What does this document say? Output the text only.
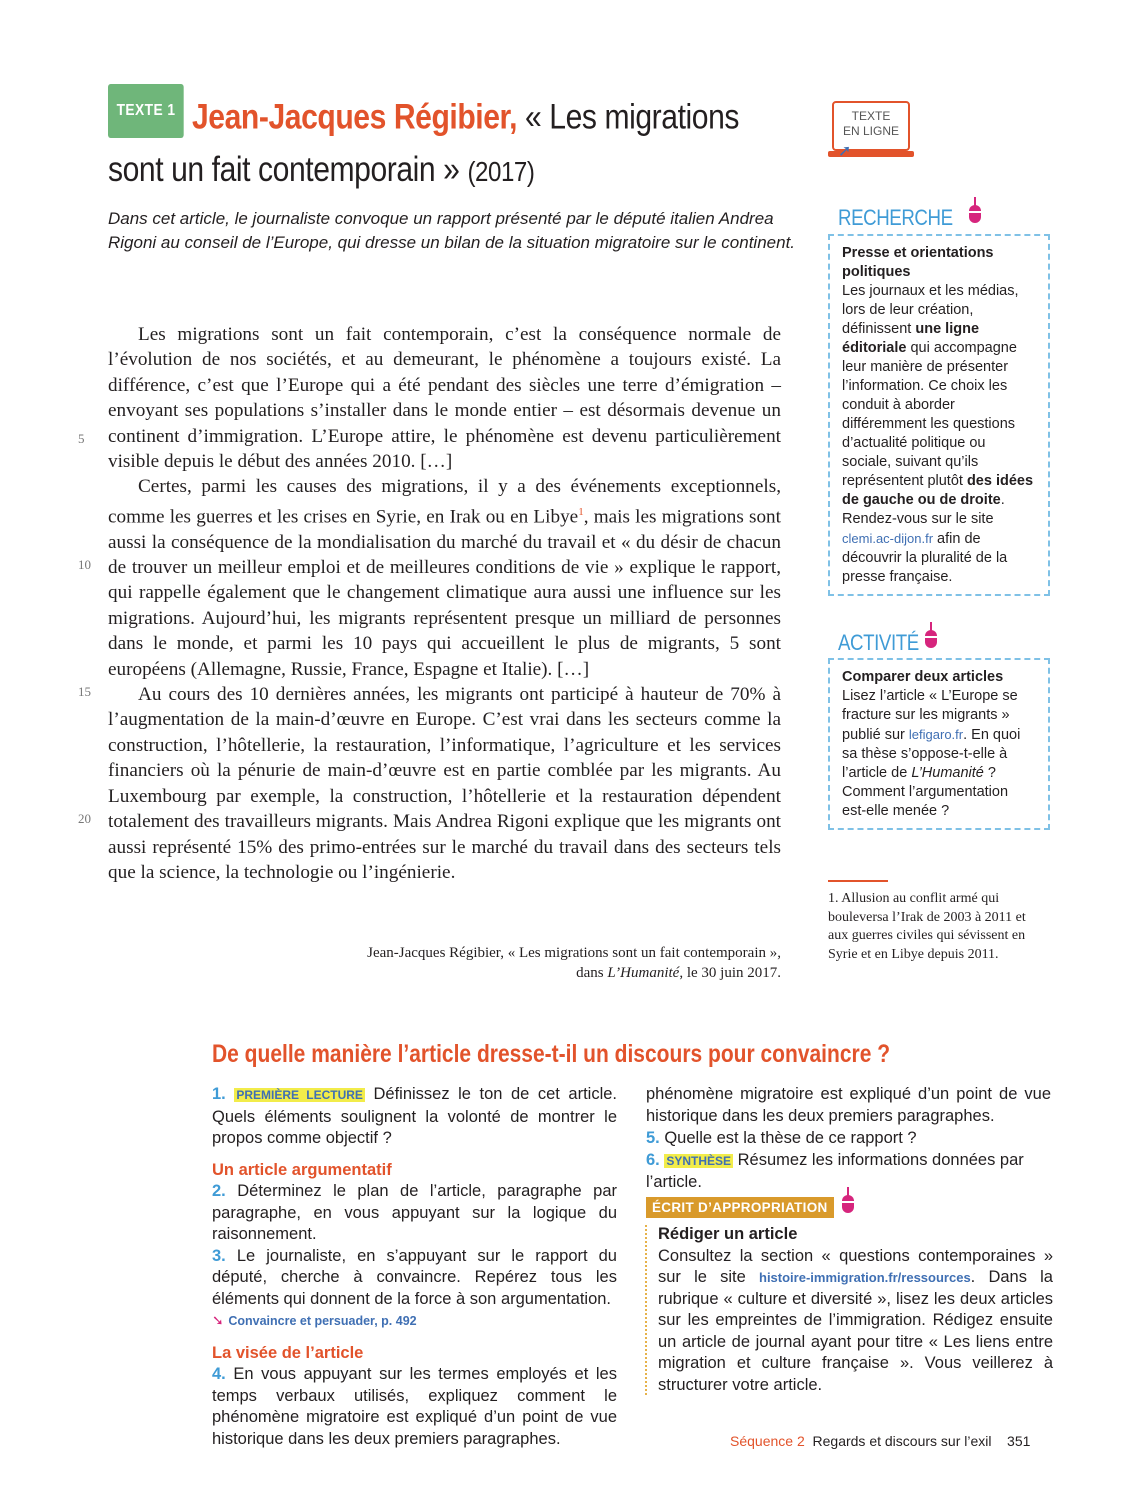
TEXTE 1 Jean-Jacques Régibier, « Les migrations
sont un fait contemporain » (2017)
TEXTE
EN LIGNE
➚
Dans cet article, le journaliste convoque un rapport présenté par le député italien Andrea Rigoni au conseil de l’Europe, qui dresse un bilan de la situation migratoire sur le continent.

Les migrations sont un fait contemporain, c’est la conséquence normale de l’évolution de nos sociétés, et au demeurant, le phénomène a toujours existé. La différence, c’est que l’Europe qui a été pendant des siècles une terre d’émigration – envoyant ses populations s’installer dans le monde entier – est désormais devenue un continent d’immigration. L’Europe attire, le phénomène est devenu particulièrement visible depuis le début des années 2010. […]

Certes, parmi les causes des migrations, il y a des événements exceptionnels, comme les guerres et les crises en Syrie, en Irak ou en Libye$^1$, mais les migrations sont aussi la conséquence de la mondialisation du marché du travail et « du désir de chacun de trouver un meilleur emploi et de meilleures conditions de vie » explique le rapport, qui rappelle également que le changement climatique aura aussi une influence sur les migrations. Aujourd’hui, les migrants représentent presque un milliard de personnes dans le monde, et parmi les 10 pays qui accueillent le plus de migrants, 5 sont européens (Allemagne, Russie, France, Espagne et Italie). […]

Au cours des 10 dernières années, les migrants ont participé à hauteur de 70% à l’augmentation de la main-d’œuvre en Europe. C’est vrai dans les secteurs comme la construction, l’hôtellerie, la restauration, l’informatique, l’agriculture et les services financiers où la pénurie de main-d’œuvre est en partie comblée par les migrants. Au Luxembourg par exemple, la construction, l’hôtellerie et la restauration dépendent totalement des travailleurs migrants. Mais Andrea Rigoni explique que les migrants ont aussi représenté 15% des primo-entrées sur le marché du travail dans des secteurs tels que la science, la technologie ou l’ingénierie.

5
10
15
20
Jean-Jacques Régibier, « Les migrations sont un fait contemporain »,
dans L’Humanité, le 30 juin 2017.
RECHERCHE
Presse et orientations politiques
Les journaux et les médias, lors de leur création, définissent une ligne éditoriale qui accompagne leur manière de présenter l’information. Ce choix les conduit à aborder différemment les questions d’actualité politique ou sociale, suivant qu’ils représentent plutôt des idées de gauche ou de droite. Rendez-vous sur le site clemi.ac-dijon.fr afin de découvrir la pluralité de la presse française.
ACTIVITÉ
Comparer deux articles
Lisez l’article « L’Europe se fracture sur les migrants » publié sur lefigaro.fr. En quoi sa thèse s’oppose-t-elle à l’article de L’Humanité ? Comment l’argumentation est-elle menée ?
1. Allusion au conflit armé qui bouleversa l’Irak de 2003 à 2011 et aux guerres civiles qui sévissent en Syrie et en Libye depuis 2011.
De quelle manière l’article dresse-t-il un discours pour convaincre ?
1. PREMIÈRE LECTURE Définissez le ton de cet article. Quels éléments soulignent la volonté de montrer le propos comme objectif ?
Un article argumentatif
2. Déterminez le plan de l’article, paragraphe par paragraphe, en vous appuyant sur la logique du raisonnement.
3. Le journaliste, en s’appuyant sur le rapport du député, cherche à convaincre. Repérez tous les éléments qui donnent de la force à son argumentation.
➘ Convaincre et persuader, p. 492
La visée de l’article
4. En vous appuyant sur les termes employés et les temps verbaux utilisés, expliquez comment le phénomène migratoire est expliqué d’un point de vue historique dans les deux premiers paragraphes.
phénomène migratoire est expliqué d’un point de vue historique dans les deux premiers paragraphes.
5. Quelle est la thèse de ce rapport ?
6. SYNTHÈSE Résumez les informations données par l’article.
ÉCRIT D’APPROPRIATION
Rédiger un article
Consultez la section « questions contemporaines » sur le site histoire-immigration.fr/ressources. Dans la rubrique « culture et diversité », lisez les deux articles sur les empreintes de l’immigration. Rédigez ensuite un article de journal ayant pour titre « Les liens entre migration et culture française ». Vous veillerez à structurer votre article.
Séquence 2 Regards et discours sur l’exil 351
